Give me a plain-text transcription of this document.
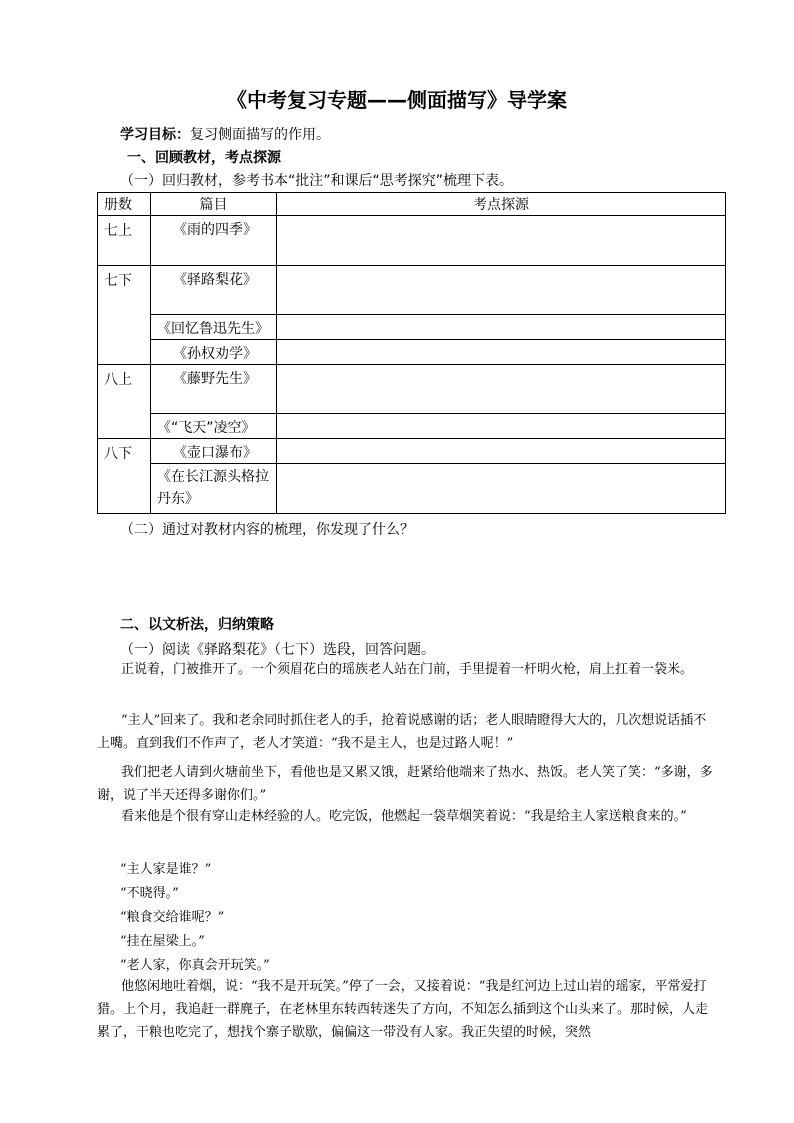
《中考复习专题——侧面描写》导学案
学习目标：复习侧面描写的作用。
一、回顾教材，考点探源
（一）回归教材，参考书本“批注”和课后“思考探究”梳理下表。
册数	篇目	考点探源
七上	《雨的四季》	
七下	《驿路梨花》	
	《回忆鲁迅先生》	
	《孙权劝学》	
八上	《藤野先生》	
	《“飞天”凌空》	
八下	《壶口瀑布》	
	《在长江源头格拉丹东》	
（二）通过对教材内容的梳理，你发现了什么？
二、以文析法，归纳策略
（一）阅读《驿路梨花》（七下）选段，回答问题。
正说着，门被推开了。一个须眉花白的瑶族老人站在门前，手里提着一杆明火枪，肩上扛着一袋米。
“主人”回来了。我和老余同时抓住老人的手，抢着说感谢的话；老人眼睛瞪得大大的，几次想说话插不上嘴。直到我们不作声了，老人才笑道：“我不是主人，也是过路人呢！”
我们把老人请到火塘前坐下，看他也是又累又饿，赶紧给他端来了热水、热饭。老人笑了笑：“多谢，多谢，说了半天还得多谢你们。”
看来他是个很有穿山走林经验的人。吃完饭，他燃起一袋草烟笑着说：“我是给主人家送粮食来的。”
“主人家是谁？”
“不晓得。”
“粮食交给谁呢？”
“挂在屋梁上。”
“老人家，你真会开玩笑。”
他悠闲地吐着烟，说：“我不是开玩笑。”停了一会，又接着说：“我是红河边上过山岩的瑶家，平常爱打猎。上个月，我追赶一群麂子，在老林里东转西转迷失了方向，不知怎么插到这个山头来了。那时候，人走累了，干粮也吃完了，想找个寨子歇歇，偏偏这一带没有人家。我正失望的时候，突然
